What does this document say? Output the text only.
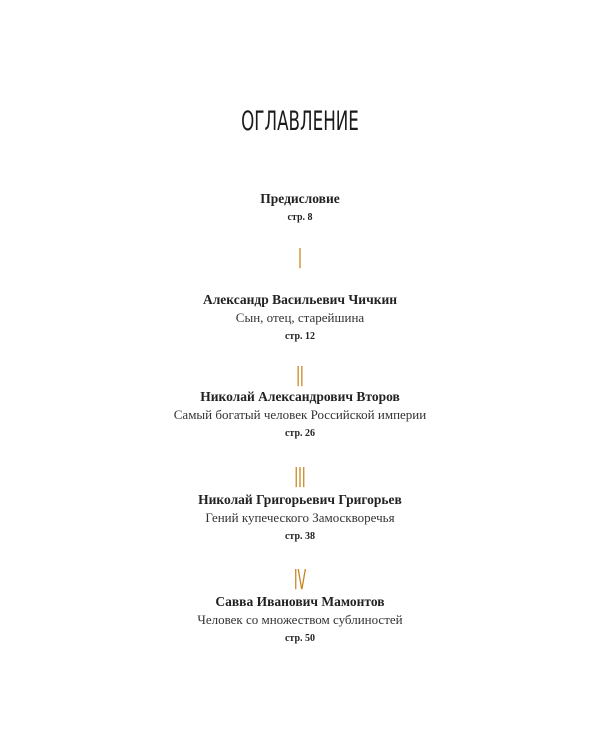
ОГЛАВЛЕНИЕ
Предисловие
стр. 8
I
Александр Васильевич Чичкин
Сын, отец, старейшина
стр. 12
II
Николай Александрович Второв
Самый богатый человек Российской империи
стр. 26
III
Николай Григорьевич Григорьев
Гений купеческого Замоскворечья
стр. 38
IV
Савва Иванович Мамонтов
Человек со множеством сублиностей
стр. 50
